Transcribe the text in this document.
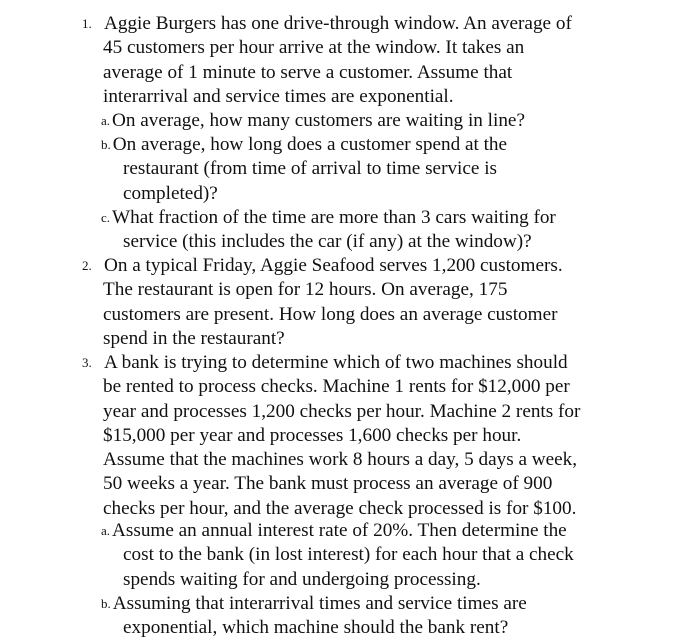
1. Aggie Burgers has one drive-through window. An average of
45 customers per hour arrive at the window. It takes an
average of 1 minute to serve a customer. Assume that
interarrival and service times are exponential.
a. On average, how many customers are waiting in line?
b. On average, how long does a customer spend at the
restaurant (from time of arrival to time service is
completed)?
c. What fraction of the time are more than 3 cars waiting for
service (this includes the car (if any) at the window)?
2. On a typical Friday, Aggie Seafood serves 1,200 customers.
The restaurant is open for 12 hours. On average, 175
customers are present. How long does an average customer
spend in the restaurant?
3. A bank is trying to determine which of two machines should
be rented to process checks. Machine 1 rents for $12,000 per
year and processes 1,200 checks per hour. Machine 2 rents for
$15,000 per year and processes 1,600 checks per hour.
Assume that the machines work 8 hours a day, 5 days a week,
50 weeks a year. The bank must process an average of 900
checks per hour, and the average check processed is for $100.
a. Assume an annual interest rate of 20%. Then determine the
cost to the bank (in lost interest) for each hour that a check
spends waiting for and undergoing processing.
b. Assuming that interarrival times and service times are
exponential, which machine should the bank rent?
